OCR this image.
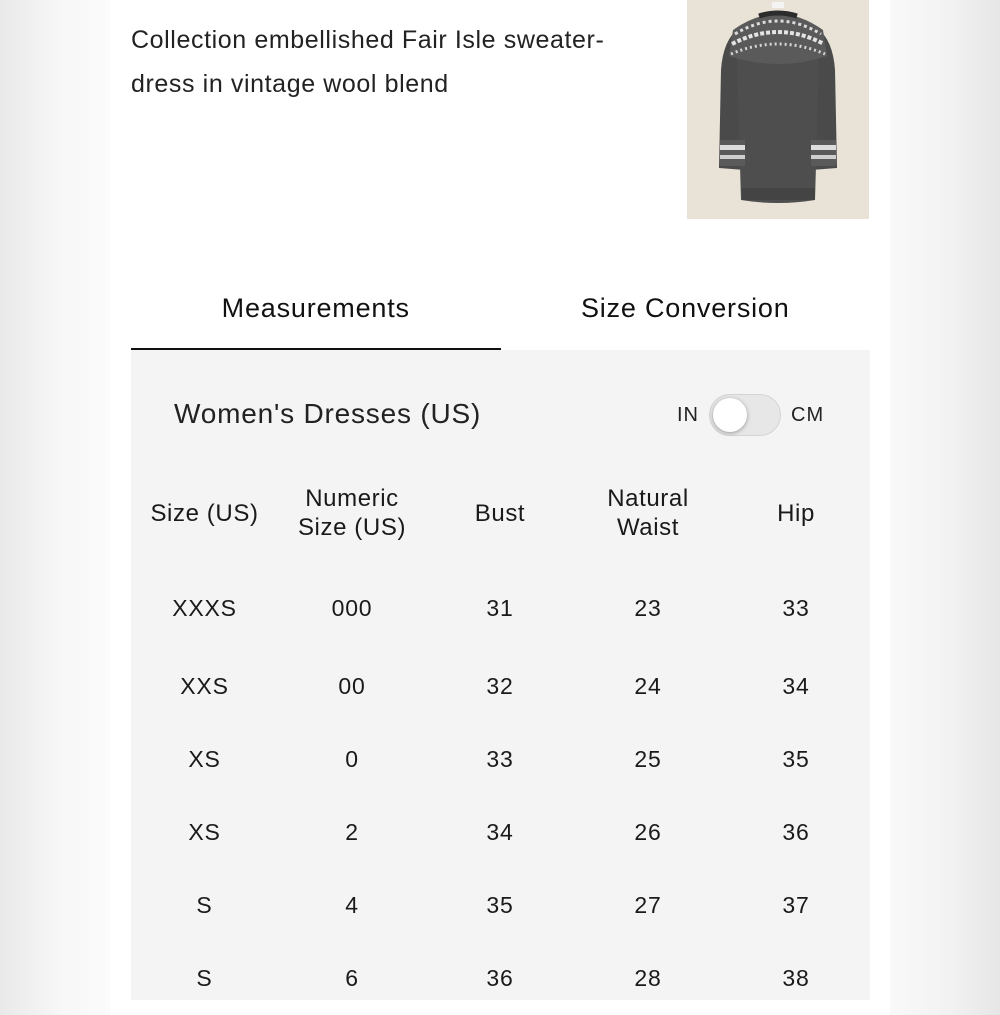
Collection embellished Fair Isle sweater-dress in vintage wool blend
Measurements	Size Conversion
Women's Dresses (US)	IN	CM
Size (US)	Numeric Size (US)	Bust	Natural Waist	Hip
XXXS	000	31	23	33
XXS	00	32	24	34
XS	0	33	25	35
XS	2	34	26	36
S	4	35	27	37
S	6	36	28	38
